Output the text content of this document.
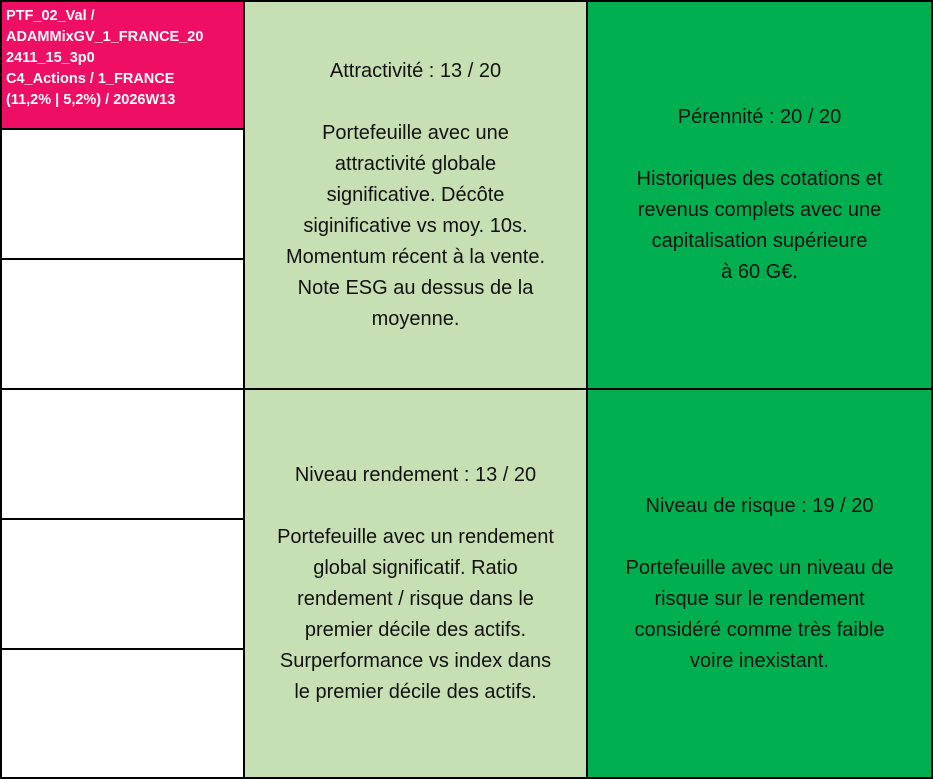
PTF_02_Val /
ADAMMixGV_1_FRANCE_20
2411_15_3p0
C4_Actions / 1_FRANCE
(11,2% | 5,2%) / 2026W13
Attractivité : 13 / 20
Portefeuille avec une
attractivité globale
significative. Décôte
siginificative vs moy. 10s.
Momentum récent à la vente.
Note ESG au dessus de la
moyenne.
Pérennité : 20 / 20
Historiques des cotations et
revenus complets avec une
capitalisation supérieure
à 60 G€.
Niveau rendement : 13 / 20
Portefeuille avec un rendement
global significatif. Ratio
rendement / risque dans le
premier décile des actifs.
Surperformance vs index dans
le premier décile des actifs.
Niveau de risque : 19 / 20
Portefeuille avec un niveau de
risque sur le rendement
considéré comme très faible
voire inexistant.
